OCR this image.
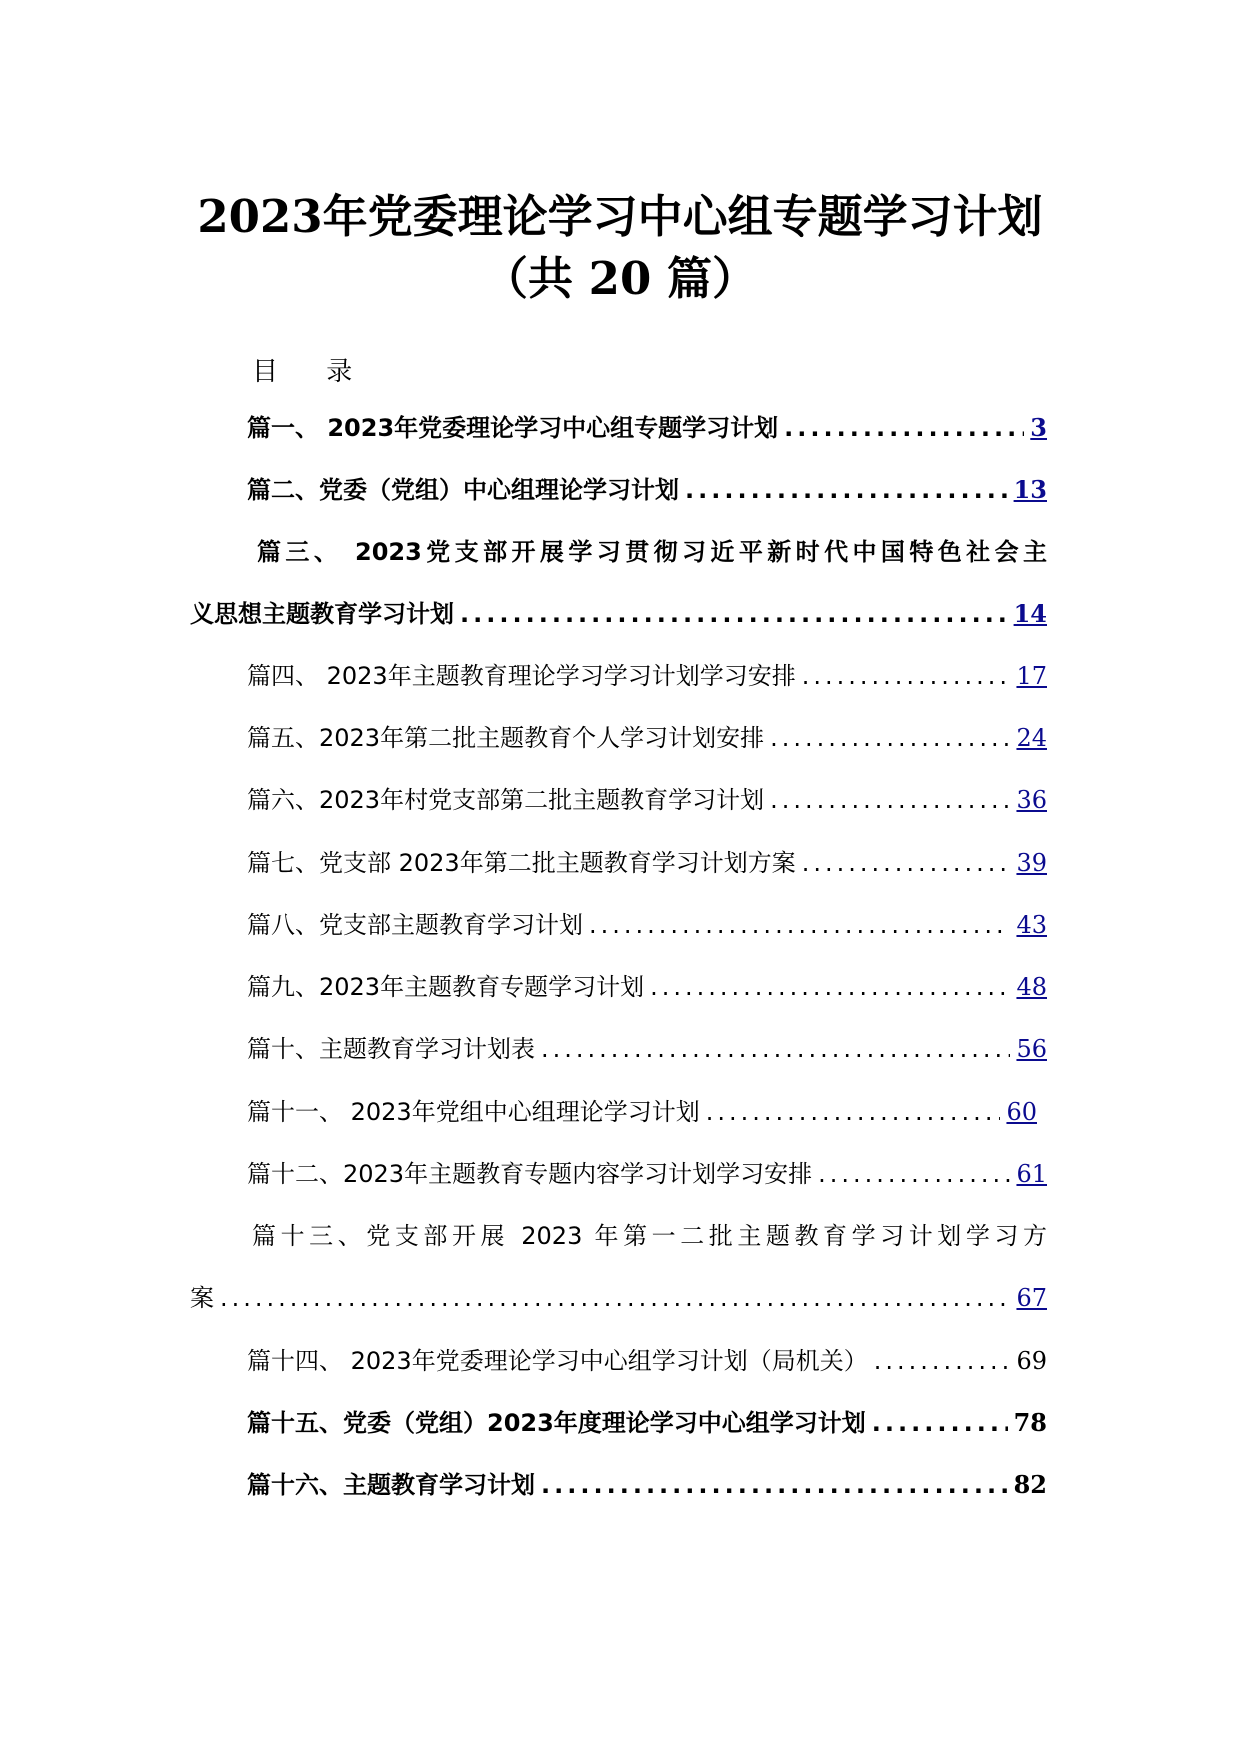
2023年党委理论学习中心组专题学习计划
（共 20 篇）
目 录
篇一、 2023年党委理论学习中心组专题学习计划 .....	3
篇二、党委（党组）中心组理论学习计划 .....	13
篇三、 2023党支部开展学习贯彻习近平新时代中国特色社会主
义思想主题教育学习计划 .....	14
篇四、 2023年主题教育理论学习学习计划学习安排 .....	17
篇五、2023年第二批主题教育个人学习计划安排 .....	24
篇六、2023年村党支部第二批主题教育学习计划 .....	36
篇七、党支部 2023年第二批主题教育学习计划方案 .....	39
篇八、党支部主题教育学习计划 .....	43
篇九、2023年主题教育专题学习计划 .....	48
篇十、主题教育学习计划表 .....	56
篇十一、 2023年党组中心组理论学习计划 .....	60
篇十二、2023年主题教育专题内容学习计划学习安排 .....	61
篇十三、党支部开展 2023 年第一二批主题教育学习计划学习方
案 .....	67
篇十四、 2023年党委理论学习中心组学习计划（局机关） .....	69
篇十五、党委（党组）2023年度理论学习中心组学习计划 .....	78
篇十六、主题教育学习计划 .....	82
